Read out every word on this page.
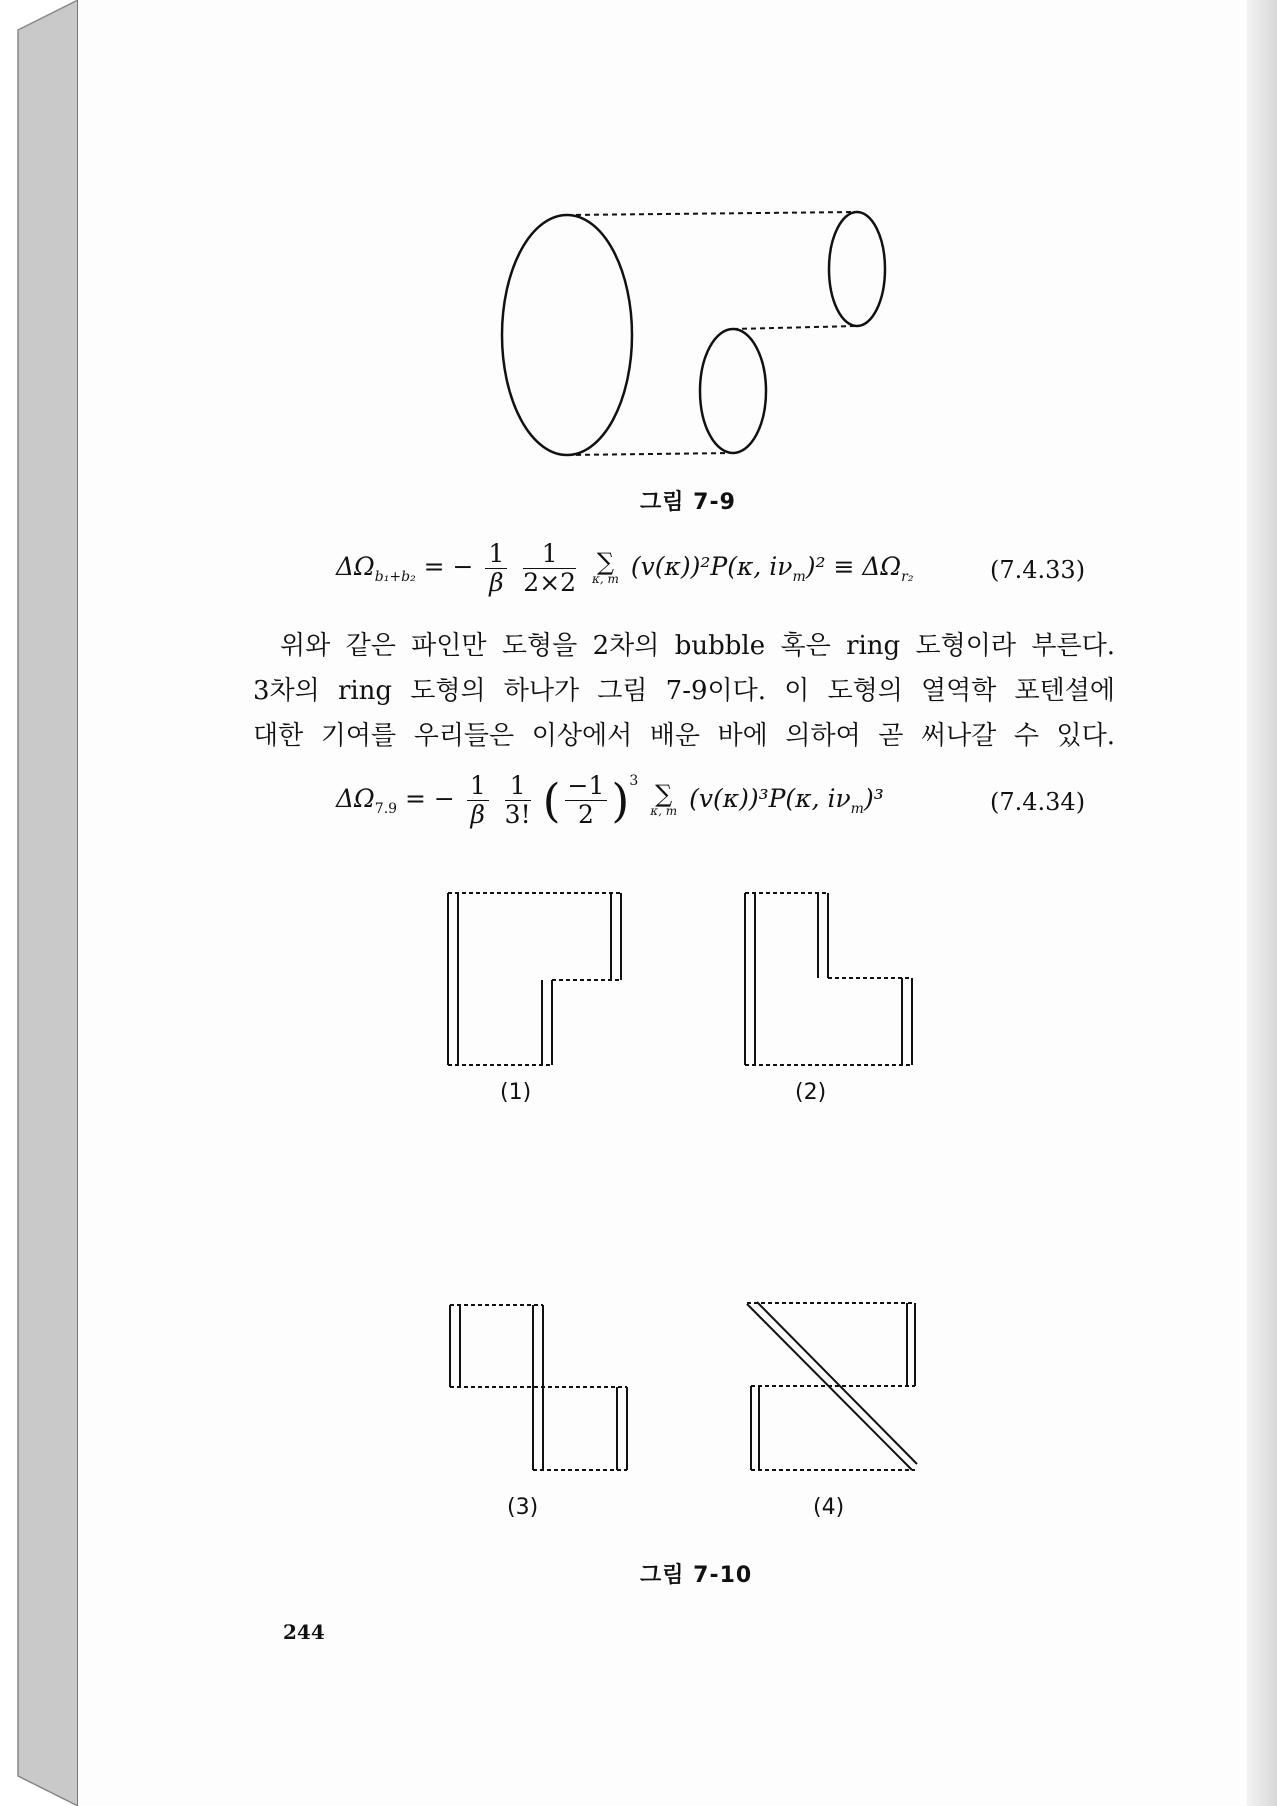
그림 7-9
$\Delta\Omega_{b_1+b_2}$ = − $\frac{1}{\beta}$
$\frac{1}{2\times 2}$ ∑
κ, m (v(κ))²P(κ, $i\nu_m)^2 \equiv \Delta\Omega_{r_2}$	(7.4.33)
위와 같은 파인만 도형을 2차의 bubble 혹은 ring 도형이라 부른다.
3차의 ring 도형의 하나가 그림 7-9이다. 이 도형의 열역학 포텐셜에
대한 기여를 우리들은 이상에서 배운 바에 의하여 곧 써나갈 수 있다.
$\Delta\Omega_{7.9}$ = − $\frac{1}{\beta}$
$\frac{1}{3!}$ ( $\frac{-1}{2} )^3$ ∑
κ, m (v(κ))³P(κ, $i\nu_m)^3$	(7.4.34)
(1)	(2)
(3)	(4)
그림 7-10
244
